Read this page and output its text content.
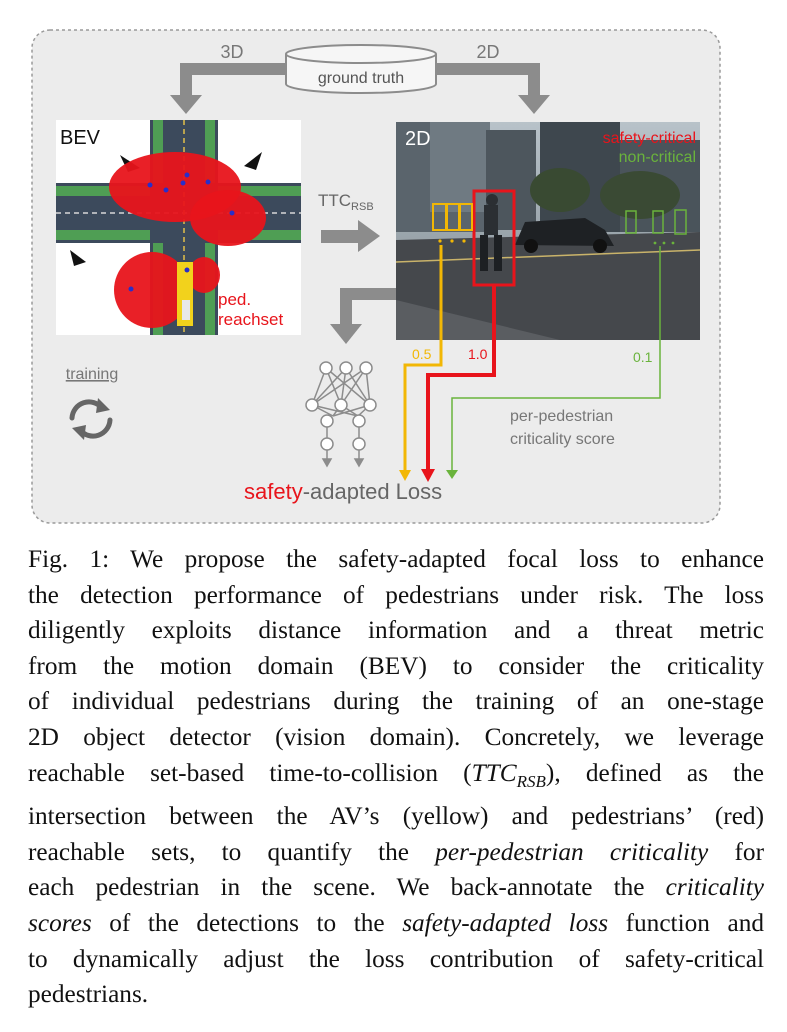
ground truth
3D	2D
BEV
ped.
reachset
$TTC_{RSB}$
2D	safety-critical
non-critical
0.5	1.0	0.1
training
per-pedestrian
criticality score
safety-adapted Loss
Fig. 1: We propose the safety-adapted focal loss to enhance
the detection performance of pedestrians under risk. The loss
diligently exploits distance information and a threat metric
from the motion domain (BEV) to consider the criticality
of individual pedestrians during the training of an one-stage
2D object detector (vision domain). Concretely, we leverage
reachable set-based time-to-collision $(TTC_{RSB})$, defined as the
intersection between the AV’s (yellow) and pedestrians’ (red)
reachable sets, to quantify the per-pedestrian criticality for
each pedestrian in the scene. We back-annotate the criticality
scores of the detections to the safety-adapted loss function and
to dynamically adjust the loss contribution of safety-critical
pedestrians.
